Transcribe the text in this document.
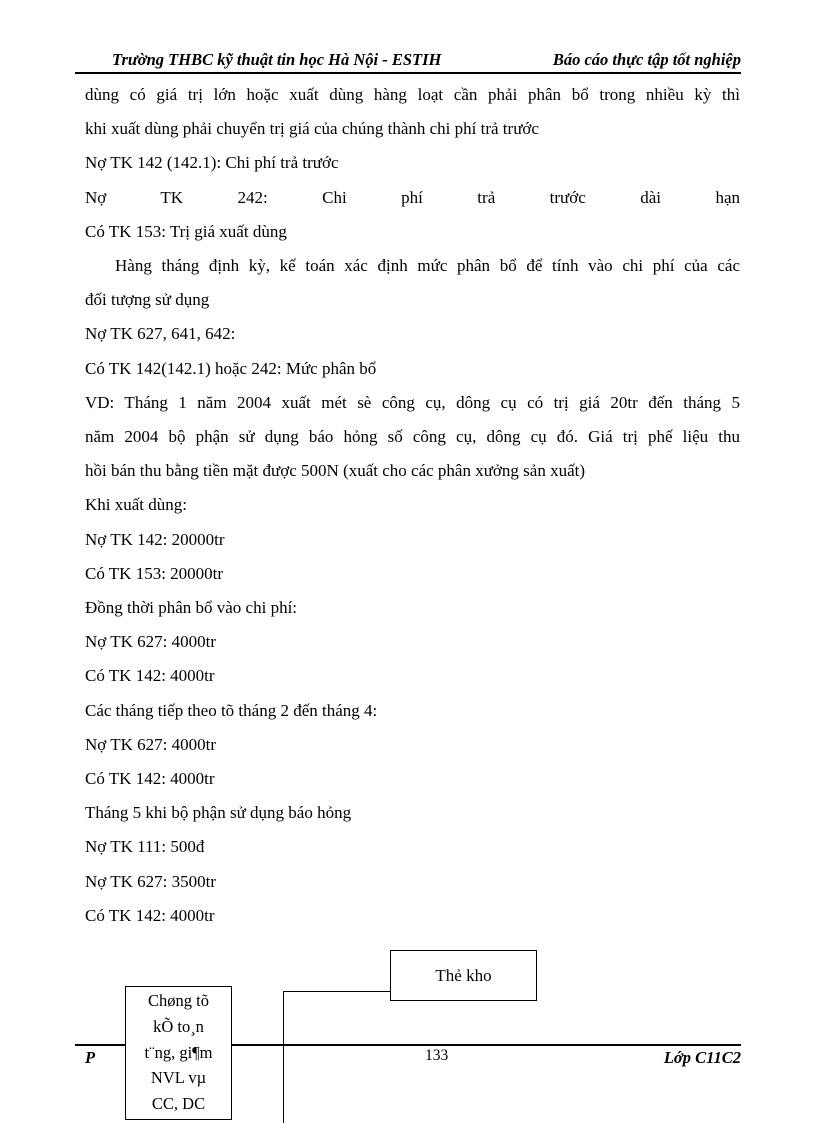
Trường THBC kỹ thuật tin học Hà Nội - ESTIH	Báo cáo thực tập tốt nghiệp

dùng có giá trị lớn hoặc xuất dùng hàng loạt cần phải phân bổ trong nhiều kỳ thì

khi xuất dùng phải chuyển trị giá của chúng thành chi phí trả trước

Nợ TK 142 (142.1): Chi phí trả trước

Nợ TK 242: Chi phí trả trước dài hạn

Có TK 153: Trị giá xuất dùng

Hàng tháng định kỳ, kế toán xác định mức phân bổ để tính vào chi phí của các

đối tượng sử dụng

Nợ TK 627, 641, 642:

Có TK 142(142.1) hoặc 242: Mức phân bổ

VD: Tháng 1 năm 2004 xuất mét sè công cụ, dông cụ có trị giá 20tr đến tháng 5

năm 2004 bộ phận sử dụng báo hỏng số công cụ, dông cụ đó. Giá trị phế liệu thu

hồi bán thu bằng tiền mặt được 500N (xuất cho các phân xưởng sản xuất)

Khi xuất dùng:

Nợ TK 142: 20000tr

Có TK 153: 20000tr

Đồng thời phân bổ vào chi phí:

Nợ TK 627: 4000tr

Có TK 142: 4000tr

Các tháng tiếp theo tõ tháng 2 đến tháng 4:

Nợ TK 627: 4000tr

Có TK 142: 4000tr

Tháng 5 khi bộ phận sử dụng báo hỏng

Nợ TK 111: 500đ

Nợ TK 627: 3500tr

Có TK 142: 4000tr

Thẻ kho
P	133	Lớp C11C2
Chøng tõ
kÕ to¸n
t¨ng, gi¶m
NVL vµ
CC, DC
